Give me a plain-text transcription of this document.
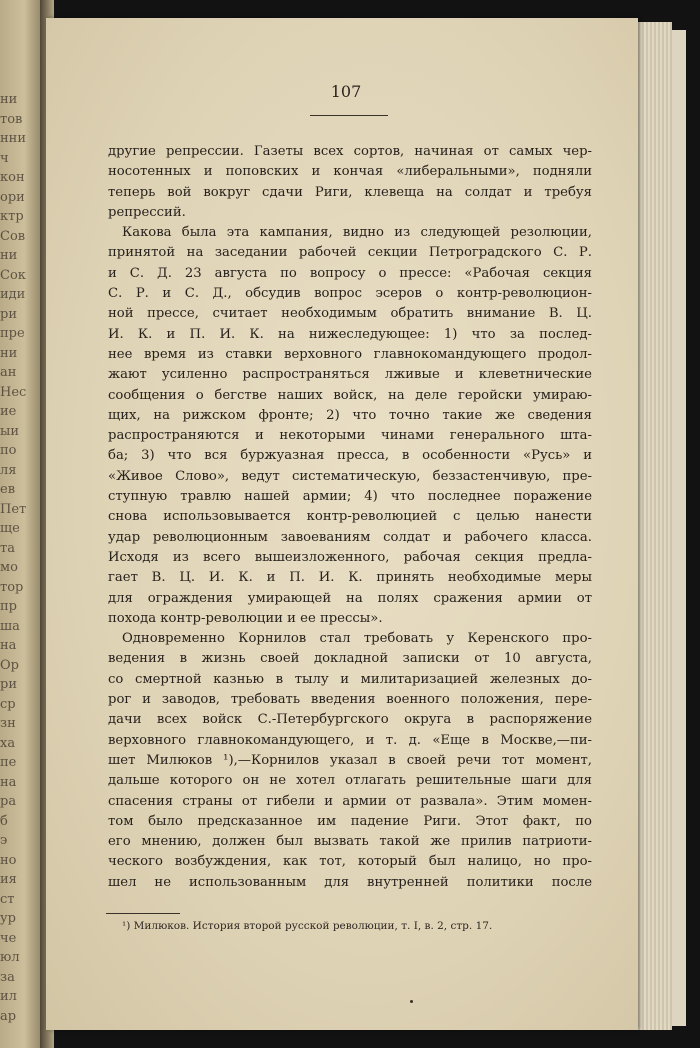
ни
тов
нни
ч
кон
ори
ктр
Сов
ни
Сок
иди
ри
пре
ни
ан
Нес
ие
ыи
по
ля
ев
Пет
ще
та
мо
тор
пр
ша
на
Ор
ри
ср
зн
ха
пе
на
ра
б
э
но
ия
ст
ур
че
юл
за
ил
ар
107
другие репрессии. Газеты всех сортов, начиная от самых чер-
носотенных и поповских и кончая «либеральными», подняли
теперь вой вокруг сдачи Риги, клевеща на солдат и требуя
репрессий.
Какова была эта кампания, видно из следующей резолюции,
принятой на заседании рабочей секции Петроградского С. Р.
и С. Д. 23 августа по вопросу о прессе: «Рабочая секция
С. Р. и С. Д., обсудив вопрос эсеров о контр-революцион-
ной прессе, считает необходимым обратить внимание В. Ц.
И. К. и П. И. К. на нижеследующее: 1) что за послед-
нее время из ставки верховного главнокомандующего продол-
жают усиленно распространяться лживые и клеветнические
сообщения о бегстве наших войск, на деле геройски умираю-
щих, на рижском фронте; 2) что точно такие же сведения
распространяются и некоторыми чинами генерального шта-
ба; 3) что вся буржуазная пресса, в особенности «Русь» и
«Живое Слово», ведут систематическую, беззастенчивую, пре-
ступную травлю нашей армии; 4) что последнее поражение
снова использовывается контр-революцией с целью нанести
удар революционным завоеваниям солдат и рабочего класса.
Исходя из всего вышеизложенного, рабочая секция предла-
гает В. Ц. И. К. и П. И. К. принять необходимые меры
для ограждения умирающей на полях сражения армии от
похода контр-революции и ее прессы».
Одновременно Корнилов стал требовать у Керенского про-
ведения в жизнь своей докладной записки от 10 августа,
со смертной казнью в тылу и милитаризацией железных до-
рог и заводов, требовать введения военного положения, пере-
дачи всех войск С.-Петербургского округа в распоряжение
верховного главнокомандующего, и т. д. «Еще в Москве,—пи-
шет Милюков ¹),—Корнилов указал в своей речи тот момент,
дальше которого он не хотел отлагать решительные шаги для
спасения страны от гибели и армии от развала». Этим момен-
том было предсказанное им падение Риги. Этот факт, по
его мнению, должен был вызвать такой же прилив патриоти-
ческого возбуждения, как тот, который был налицо, но про-
шел не использованным для внутренней политики после
¹) Милюков. История второй русской революции, т. I, в. 2, стр. 17.
